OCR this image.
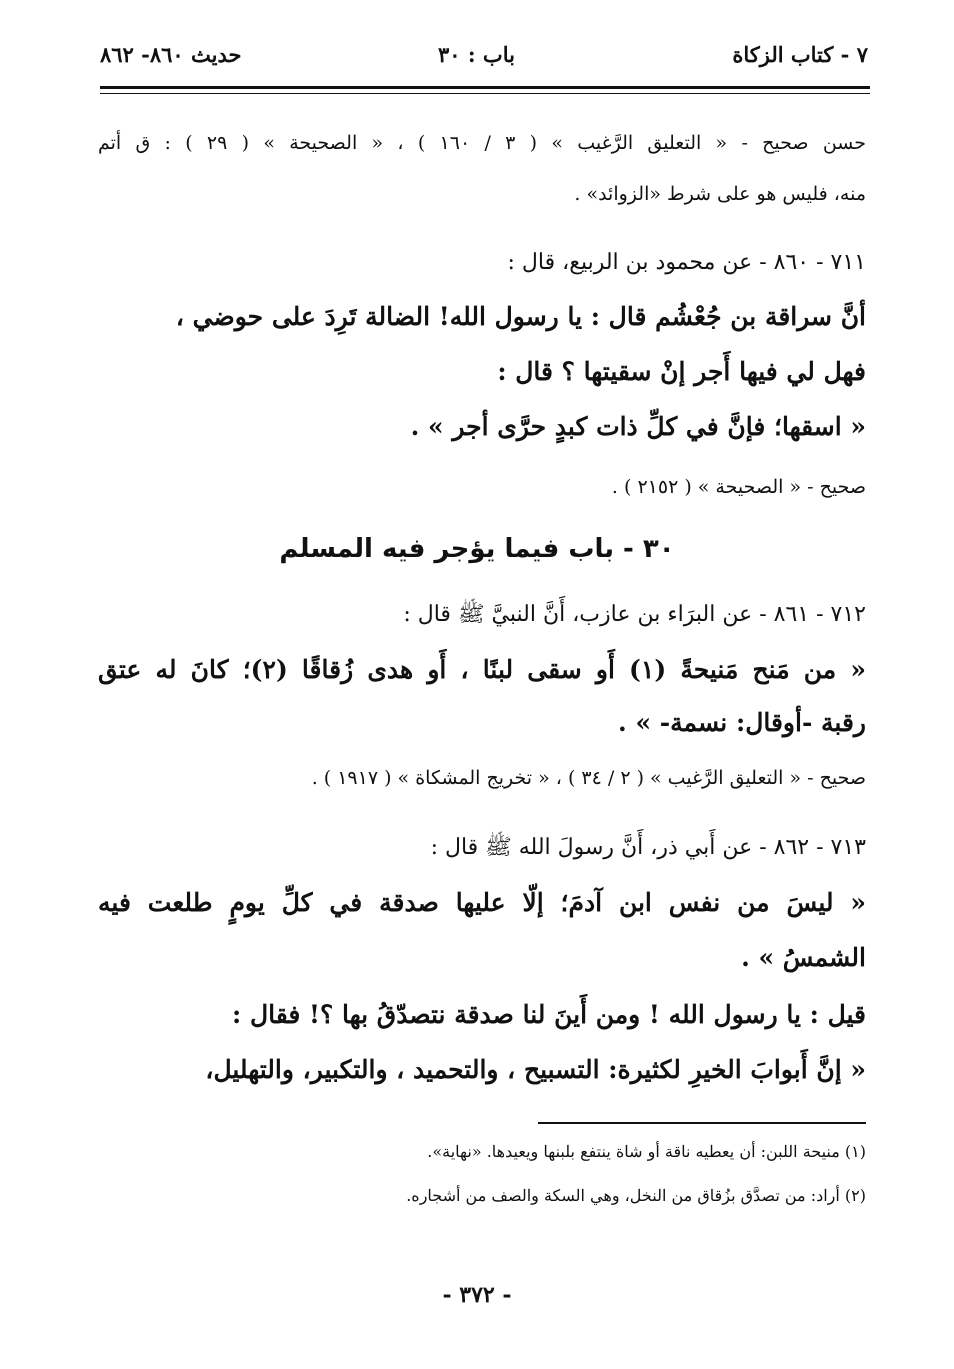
٧ - كتاب الزكاة
باب : ٣٠
حديث ٨٦٠- ٨٦٢
حسن صحيح - « التعليق الرَّغيب » ( ٣ / ١٦٠ ) ، « الصحيحة » ( ٢٩ ) : ق أتم
منه، فليس هو على شرط «الزوائد» .
٧١١ - ٨٦٠ - عن محمود بن الربيع، قال :
أنَّ سراقة بن جُعْشُم قال : يا رسول الله! الضالة تَرِدَ على حوضي ،
فهل لي فيها أَجر إنْ سقيتها ؟ قال :
« اسقها؛ فإنَّ في كلِّ ذات كبدٍ حرَّى أجر » .
صحيح - « الصحيحة » ( ٢١٥٢ ) .
٣٠ - باب فيما يؤجر فيه المسلم
٧١٢ - ٨٦١ - عن البرَاء بن عازب، أَنَّ النبيَّ ﷺ قال :
« من مَنح مَنيحةً (١) أَو سقى لبنًا ، أَو هدى زُقاقًا (٢)؛ كانَ له عتق
رقبة -أوقال: نسمة- » .
صحيح - « التعليق الرَّغيب » ( ٢ / ٣٤ ) ، « تخريج المشكاة » ( ١٩١٧ ) .
٧١٣ - ٨٦٢ - عن أَبي ذر، أَنَّ رسولَ الله ﷺ قال :
« ليسَ من نفس ابن آدمَ؛ إلّا عليها صدقة في كلِّ يومٍ طلعت فيه
الشمسُ » .
قيل : يا رسول الله ! ومن أَينَ لنا صدقة نتصدّقُ بها ؟! فقال :
« إنَّ أَبوابَ الخيرِ لكثيرة: التسبيح ، والتحميد ، والتكبير، والتهليل،
(١) منيحة اللبن: أن يعطيه ناقة أو شاة ينتفع بلبنها ويعيدها. «نهاية».
(٢) أراد: من تصدَّق بزُقاق من النخل، وهي السكة والصف من أشجاره.
- ٣٧٢ -
